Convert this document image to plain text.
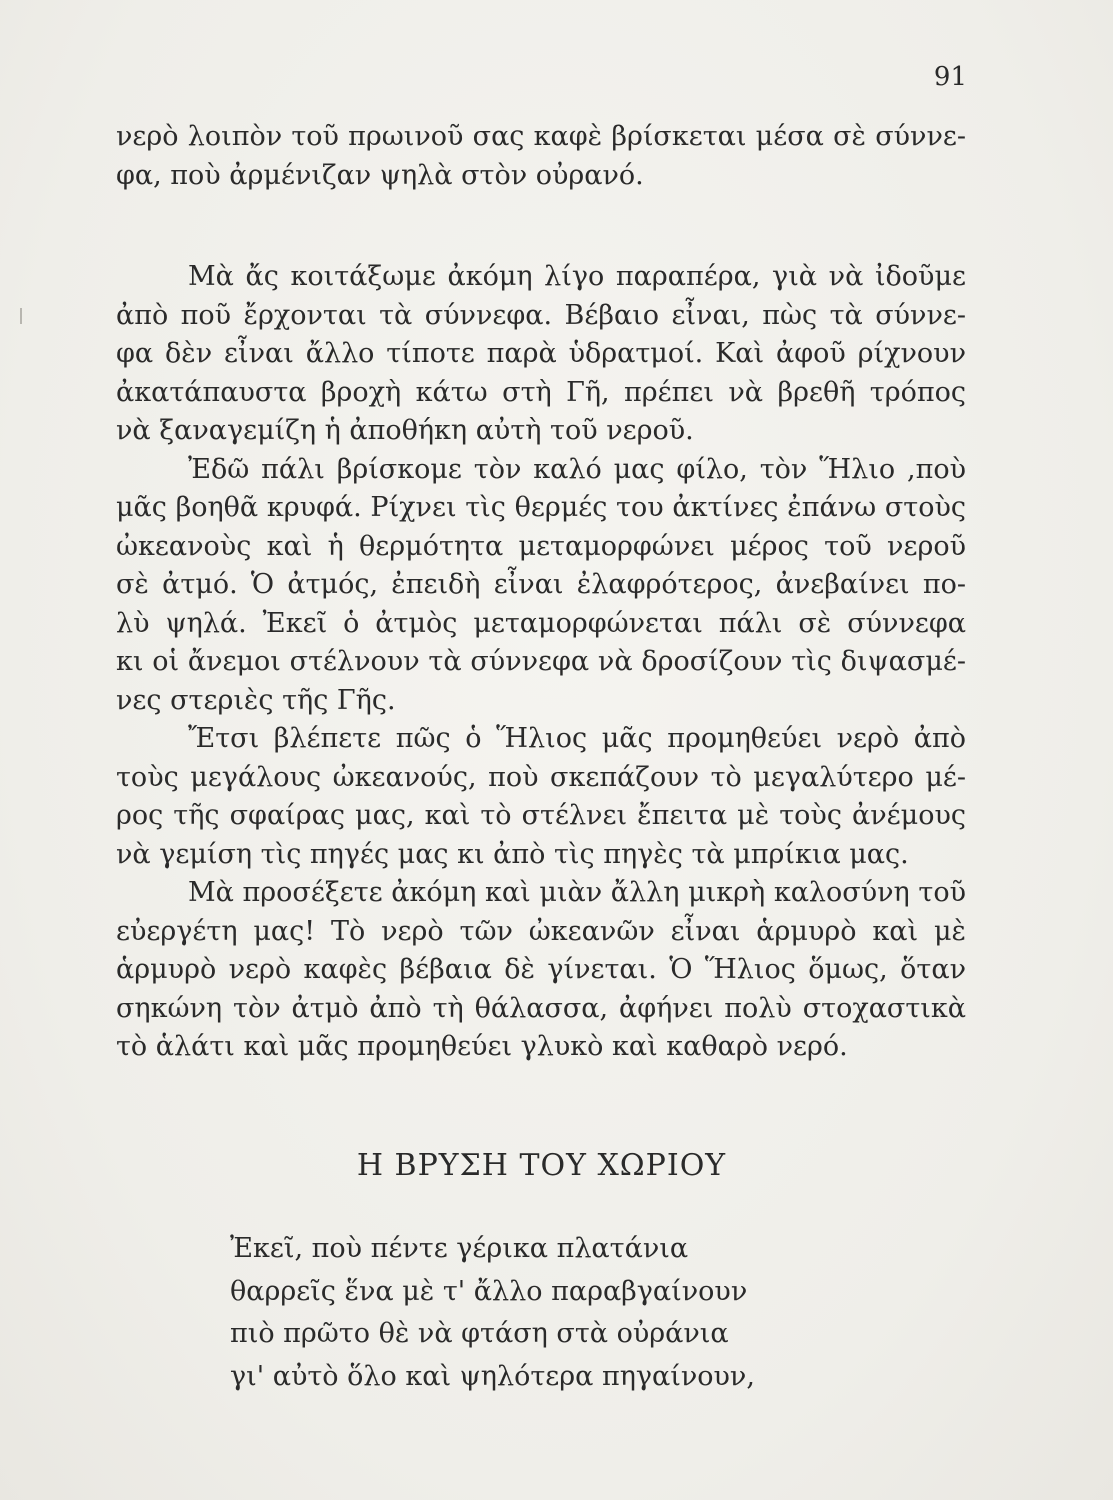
91
νερὸ λοιπὸν τοῦ πρωινοῦ σας καφὲ βρίσκεται μέσα σὲ σύννε-
φα, ποὺ ἀρμένιζαν ψηλὰ στὸν οὐρανό.
Μὰ ἄς κοιτάξωμε ἀκόμη λίγο παραπέρα, γιὰ νὰ ἰδοῦμε
ἀπὸ ποῦ ἔρχονται τὰ σύννεφα. Βέβαιο εἶναι, πὼς τὰ σύννε-
φα δὲν εἶναι ἄλλο τίποτε παρὰ ὑδρατμοί. Καὶ ἀφοῦ ρίχνουν
ἀκατάπαυστα βροχὴ κάτω στὴ Γῆ, πρέπει νὰ βρεθῆ τρόπος
νὰ ξαναγεμίζη ἡ ἀποθήκη αὐτὴ τοῦ νεροῦ.
Ἐδῶ πάλι βρίσκομε τὸν καλό μας φίλο, τὸν Ἥλιο ,ποὺ
μᾶς βοηθᾶ κρυφά. Ρίχνει τὶς θερμές του ἀκτίνες ἐπάνω στοὺς
ὠκεανοὺς καὶ ἡ θερμότητα μεταμορφώνει μέρος τοῦ νεροῦ
σὲ ἀτμό. Ὁ ἀτμός, ἐπειδὴ εἶναι ἐλαφρότερος, ἀνεβαίνει πο-
λὺ ψηλά. Ἐκεῖ ὁ ἀτμὸς μεταμορφώνεται πάλι σὲ σύννεφα
κι οἱ ἄνεμοι στέλνουν τὰ σύννεφα νὰ δροσίζουν τὶς διψασμέ-
νες στεριὲς τῆς Γῆς.
Ἔτσι βλέπετε πῶς ὁ Ἥλιος μᾶς προμηθεύει νερὸ ἀπὸ
τοὺς μεγάλους ὠκεανούς, ποὺ σκεπάζουν τὸ μεγαλύτερο μέ-
ρος τῆς σφαίρας μας, καὶ τὸ στέλνει ἔπειτα μὲ τοὺς ἀνέμους
νὰ γεμίση τὶς πηγές μας κι ἀπὸ τὶς πηγὲς τὰ μπρίκια μας.
Μὰ προσέξετε ἀκόμη καὶ μιὰν ἄλλη μικρὴ καλοσύνη τοῦ
εὐεργέτη μας! Τὸ νερὸ τῶν ὠκεανῶν εἶναι ἁρμυρὸ καὶ μὲ
ἁρμυρὸ νερὸ καφὲς βέβαια δὲ γίνεται. Ὁ Ἥλιος ὅμως, ὅταν
σηκώνη τὸν ἀτμὸ ἀπὸ τὴ θάλασσα, ἀφήνει πολὺ στοχαστικὰ
τὸ ἁλάτι καὶ μᾶς προμηθεύει γλυκὸ καὶ καθαρὸ νερό.
Η ΒΡΥΣΗ ΤΟΥ ΧΩΡΙΟΥ
Ἐκεῖ, ποὺ πέντε γέρικα πλατάνια
θαρρεῖς ἕνα μὲ τ' ἄλλο παραβγαίνουν
πιὸ πρῶτο θὲ νὰ φτάση στὰ οὐράνια
γι' αὐτὸ ὅλο καὶ ψηλότερα πηγαίνουν,
